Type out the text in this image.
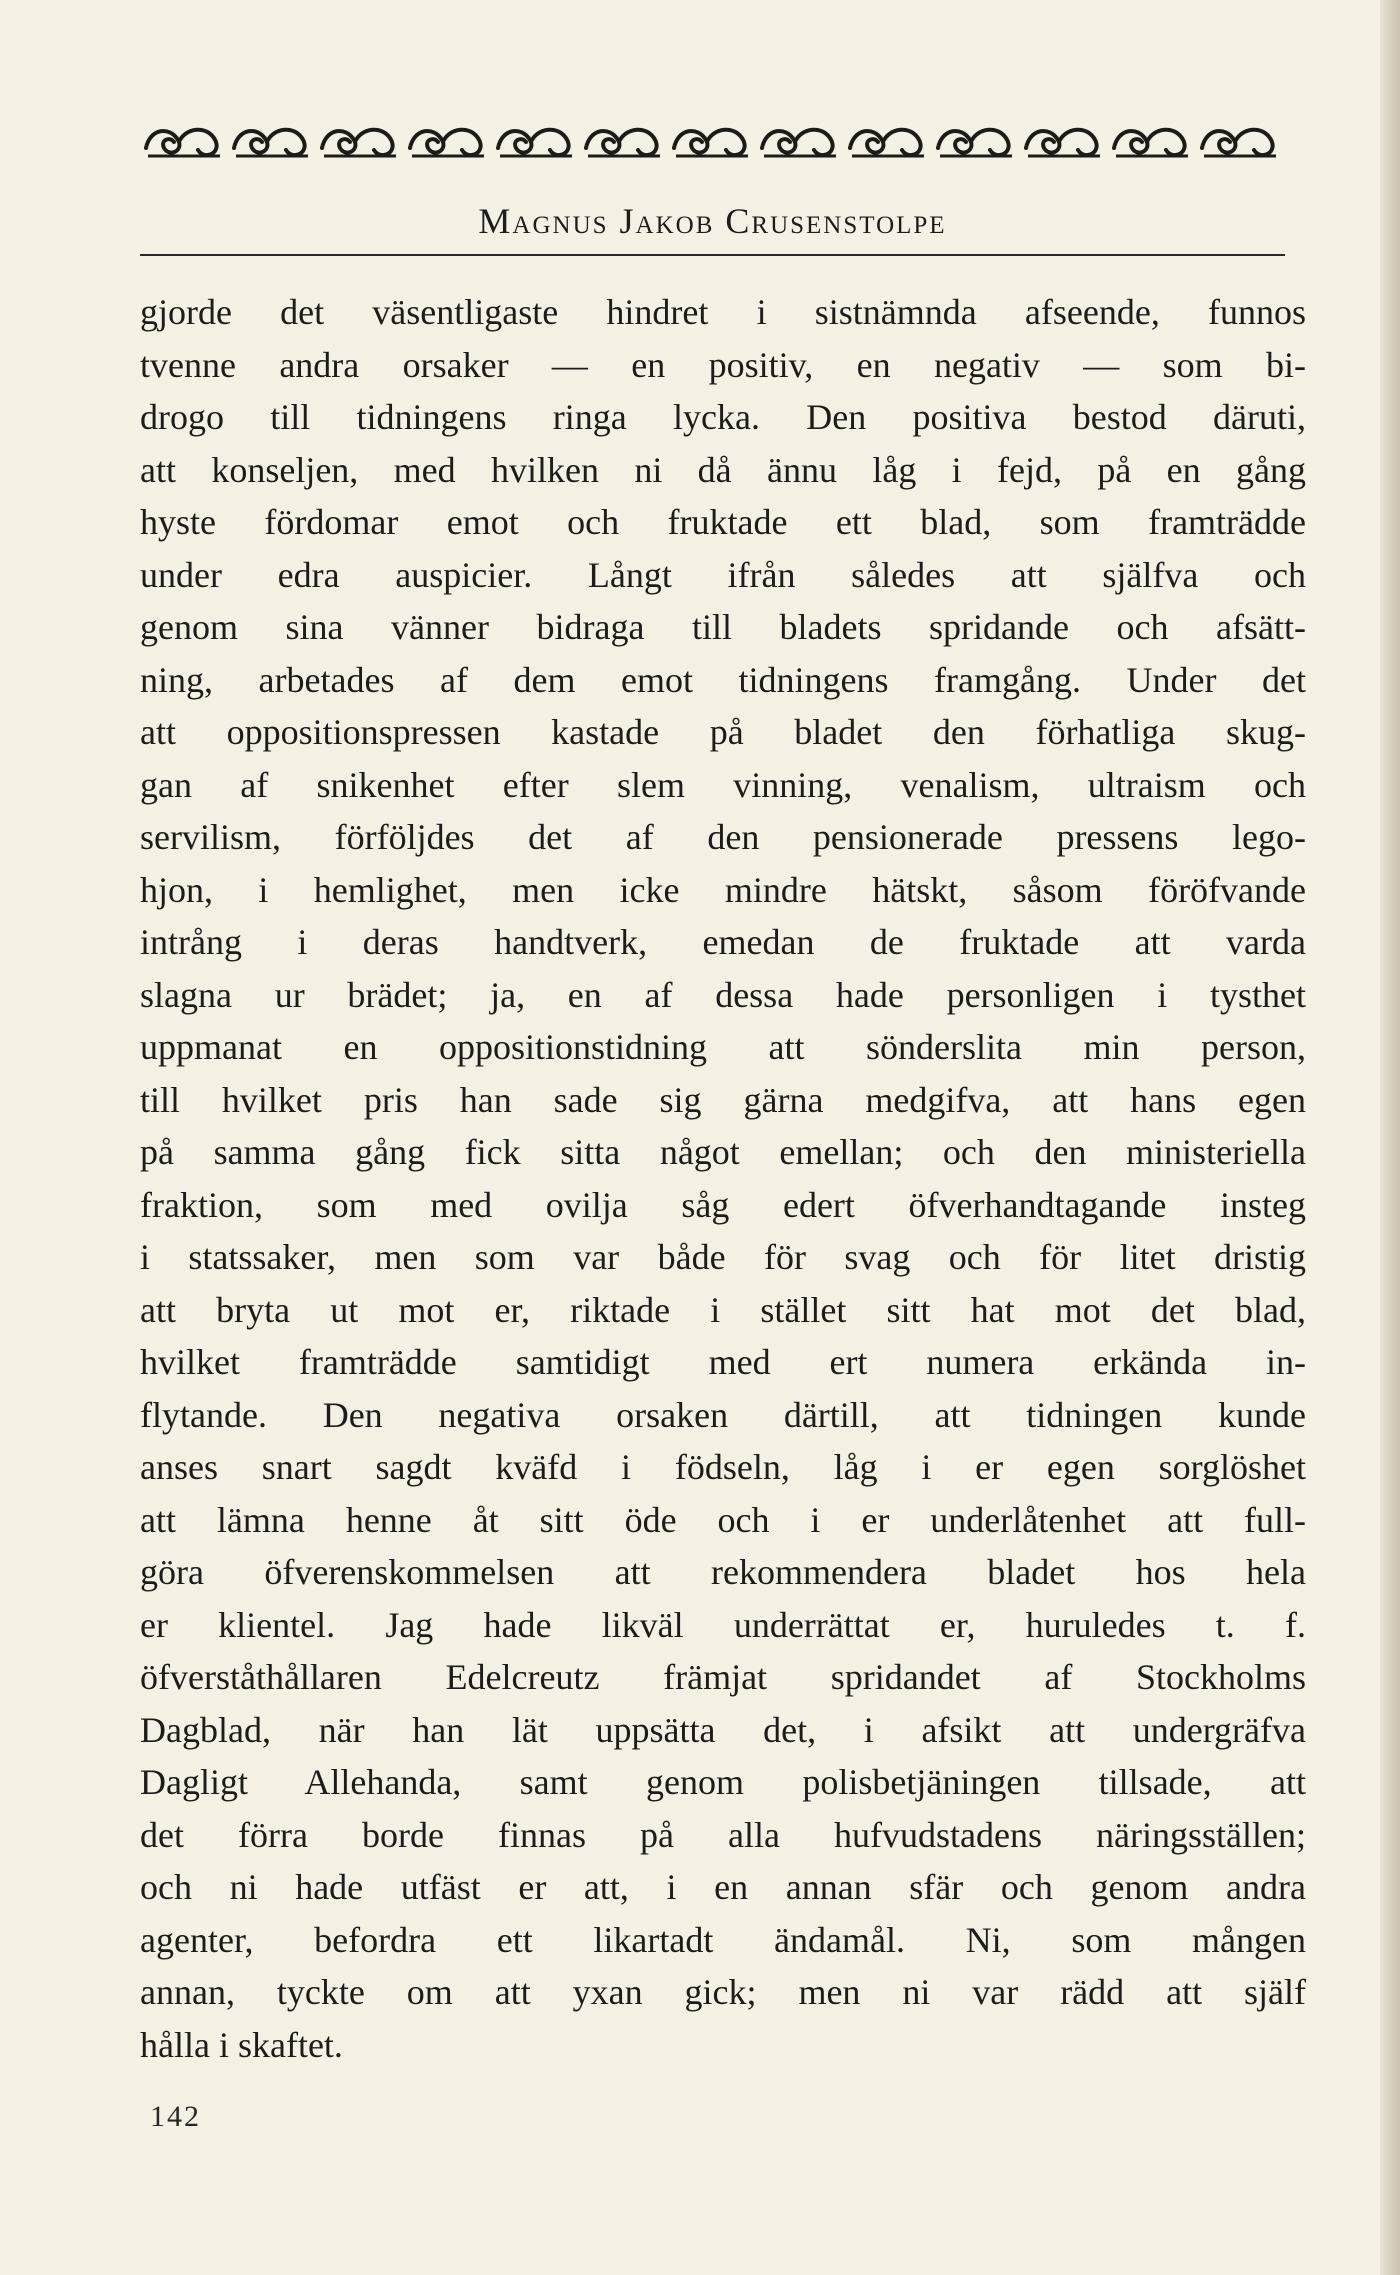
Magnus Jakob Crusenstolpe
gjorde det väsentligaste hindret i sistnämnda afseende, funnos
tvenne andra orsaker — en positiv, en negativ — som bi-
drogo till tidningens ringa lycka. Den positiva bestod däruti,
att konseljen, med hvilken ni då ännu låg i fejd, på en gång
hyste fördomar emot och fruktade ett blad, som framträdde
under edra auspicier. Långt ifrån således att själfva och
genom sina vänner bidraga till bladets spridande och afsätt-
ning, arbetades af dem emot tidningens framgång. Under det
att oppositionspressen kastade på bladet den förhatliga skug-
gan af snikenhet efter slem vinning, venalism, ultraism och
servilism, förföljdes det af den pensionerade pressens lego-
hjon, i hemlighet, men icke mindre hätskt, såsom föröfvande
intrång i deras handtverk, emedan de fruktade att varda
slagna ur brädet; ja, en af dessa hade personligen i tysthet
uppmanat en oppositionstidning att sönderslita min person,
till hvilket pris han sade sig gärna medgifva, att hans egen
på samma gång fick sitta något emellan; och den ministeriella
fraktion, som med ovilja såg edert öfverhandtagande insteg
i statssaker, men som var både för svag och för litet dristig
att bryta ut mot er, riktade i stället sitt hat mot det blad,
hvilket framträdde samtidigt med ert numera erkända in-
flytande. Den negativa orsaken därtill, att tidningen kunde
anses snart sagdt kväfd i födseln, låg i er egen sorglöshet
att lämna henne åt sitt öde och i er underlåtenhet att full-
göra öfverenskommelsen att rekommendera bladet hos hela
er klientel. Jag hade likväl underrättat er, huruledes t. f.
öfverståthållaren Edelcreutz främjat spridandet af Stockholms
Dagblad, när han lät uppsätta det, i afsikt att undergräfva
Dagligt Allehanda, samt genom polisbetjäningen tillsade, att
det förra borde finnas på alla hufvudstadens näringsställen;
och ni hade utfäst er att, i en annan sfär och genom andra
agenter, befordra ett likartadt ändamål. Ni, som mången
annan, tyckte om att yxan gick; men ni var rädd att själf
hålla i skaftet.
142
